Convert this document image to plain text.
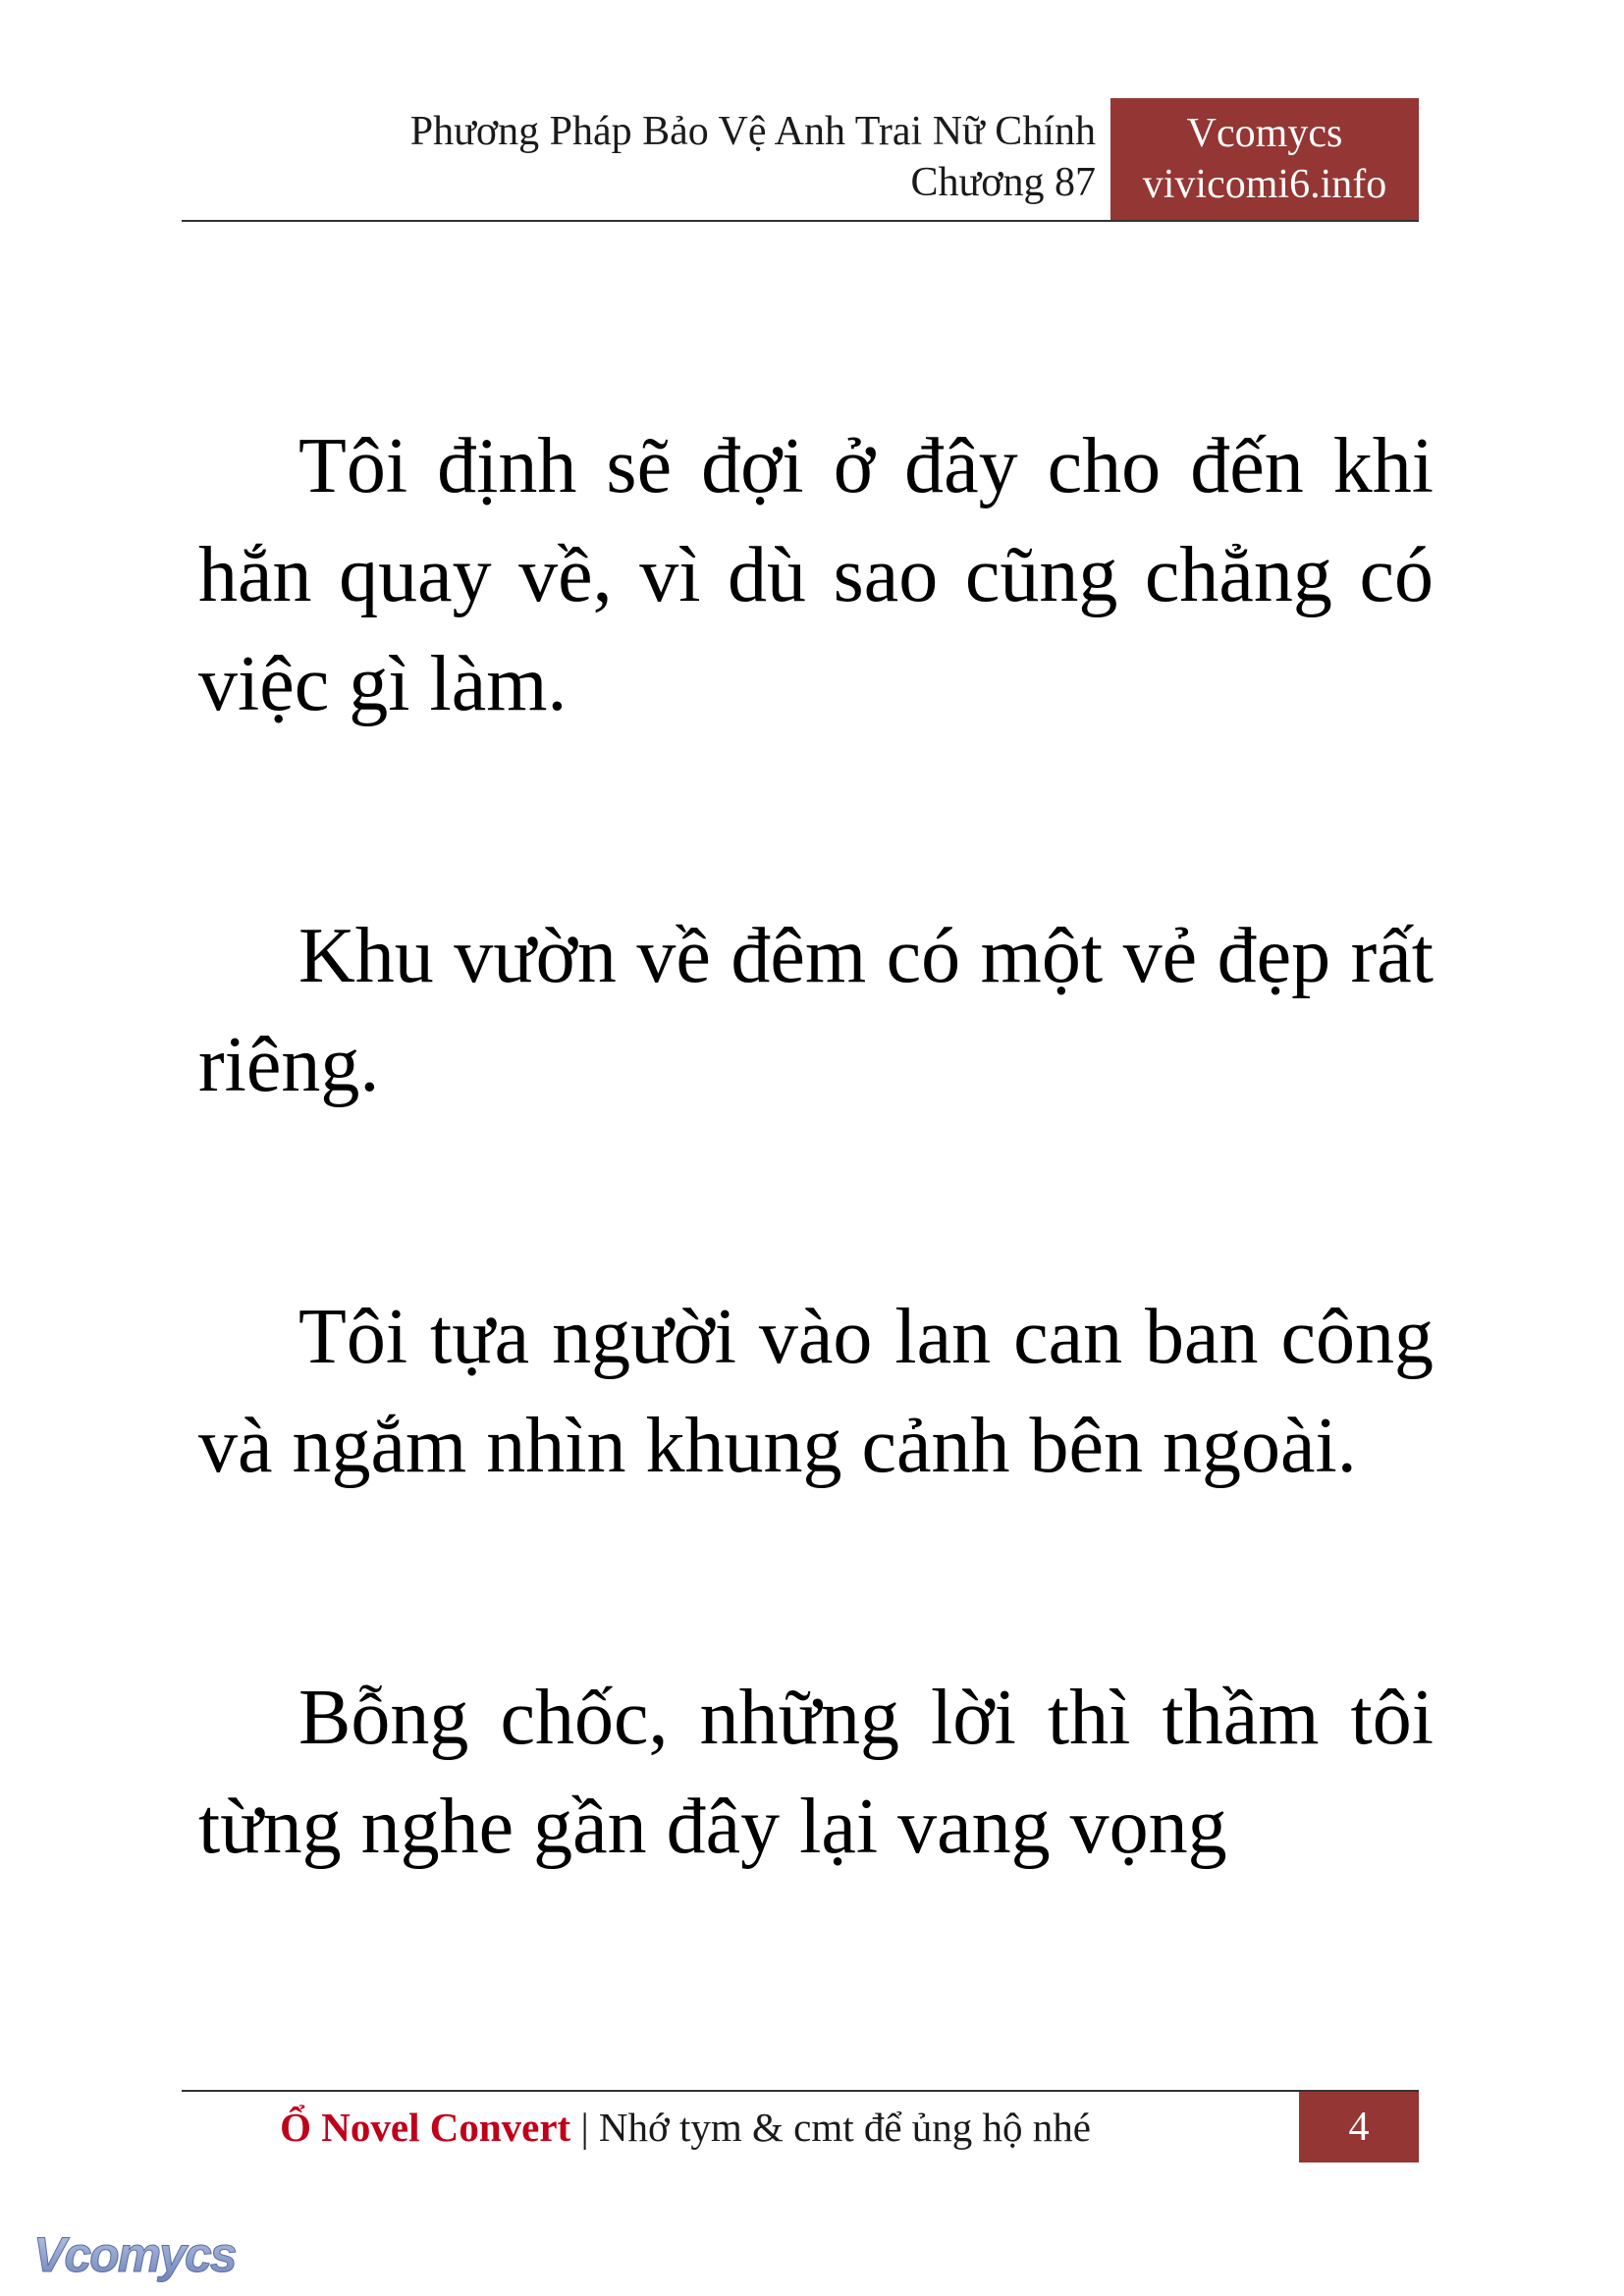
Phương Pháp Bảo Vệ Anh Trai Nữ Chính
Chương 87
Vcomycs
vivicomi6.info

Tôi định sẽ đợi ở đây cho đến khi hắn quay về, vì dù sao cũng chẳng có việc gì làm.

Khu vườn về đêm có một vẻ đẹp rất riêng.

Tôi tựa người vào lan can ban công và ngắm nhìn khung cảnh bên ngoài.

Bỗng chốc, những lời thì thầm tôi từng nghe gần đây lại vang vọng

Ổ Novel Convert | Nhớ tym & cmt để ủng hộ nhé	4
Vcomycs
